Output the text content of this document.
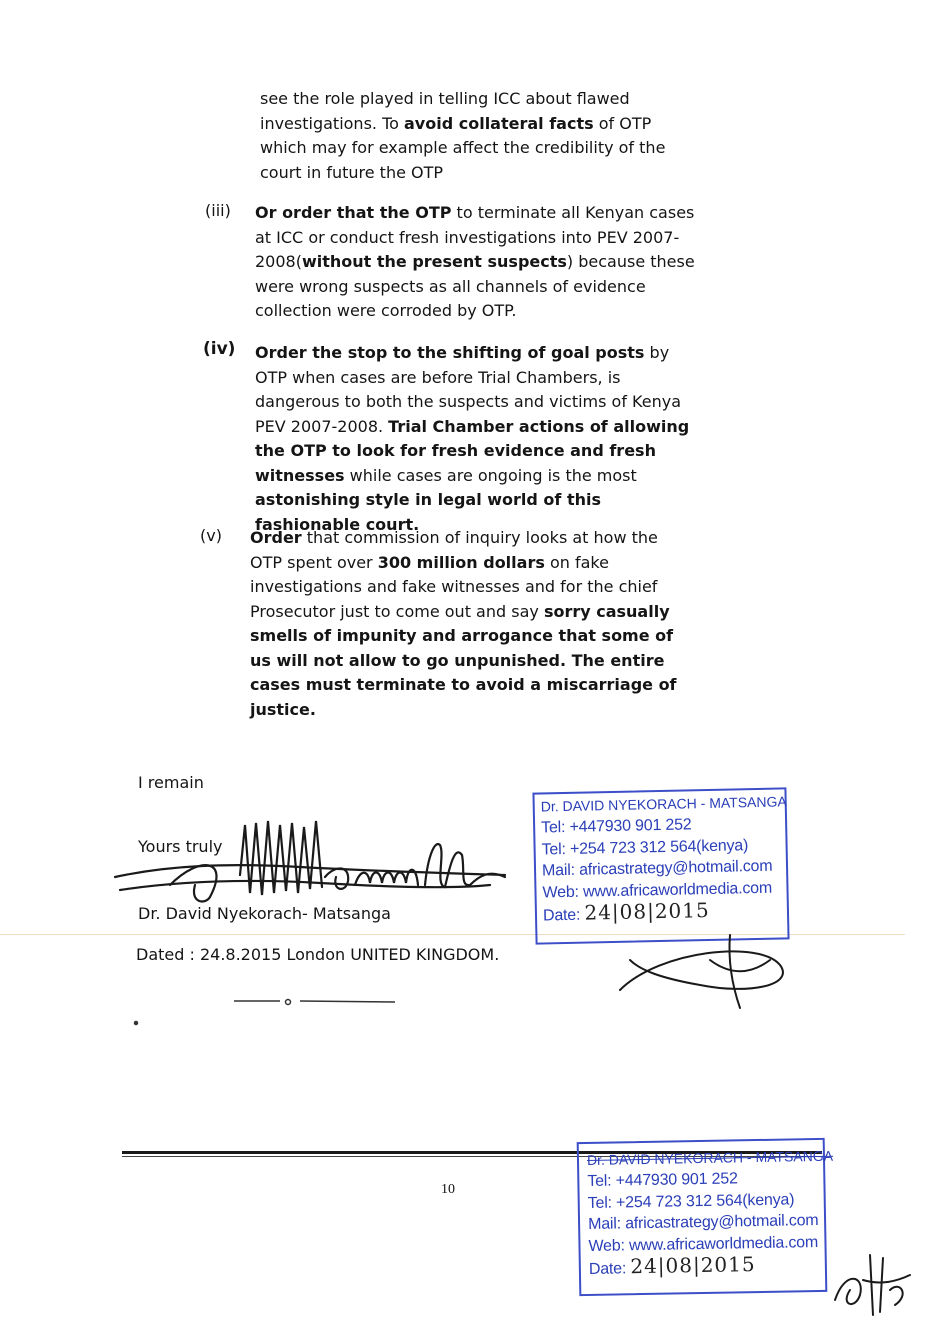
see the role played in telling ICC about flawed investigations. To avoid collateral facts of OTP which may for example affect the credibility of the court in future the OTP

(iii) Or order that the OTP to terminate all Kenyan cases at ICC or conduct fresh investigations into PEV 2007-2008(without the present suspects) because these were wrong suspects as all channels of evidence collection were corroded by OTP.

(iv) Order the stop to the shifting of goal posts by OTP when cases are before Trial Chambers, is dangerous to both the suspects and victims of Kenya PEV 2007-2008. Trial Chamber actions of allowing the OTP to look for fresh evidence and fresh witnesses while cases are ongoing is the most astonishing style in legal world of this fashionable court.

(v) Order that commission of inquiry looks at how the OTP spent over 300 million dollars on fake investigations and fake witnesses and for the chief Prosecutor just to come out and say sorry casually smells of impunity and arrogance that some of us will not allow to go unpunished. The entire cases must terminate to avoid a miscarriage of justice.

I remain
Yours truly
Dr. David Nyekorach- Matsanga
Dated : 24.8.2015 London UNITED KINGDOM.
Dr. DAVID NYEKORACH - MATSANGA
Tel: +447930 901 252
Tel: +254 723 312 564(kenya)
Mail: africastrategy@hotmail.com
Web: www.africaworldmedia.com
Date: 24|08|2015
10
Dr. DAVID NYEKORACH - MATSANGA
Tel: +447930 901 252
Tel: +254 723 312 564(kenya)
Mail: africastrategy@hotmail.com
Web: www.africaworldmedia.com
Date: 24|08|2015
